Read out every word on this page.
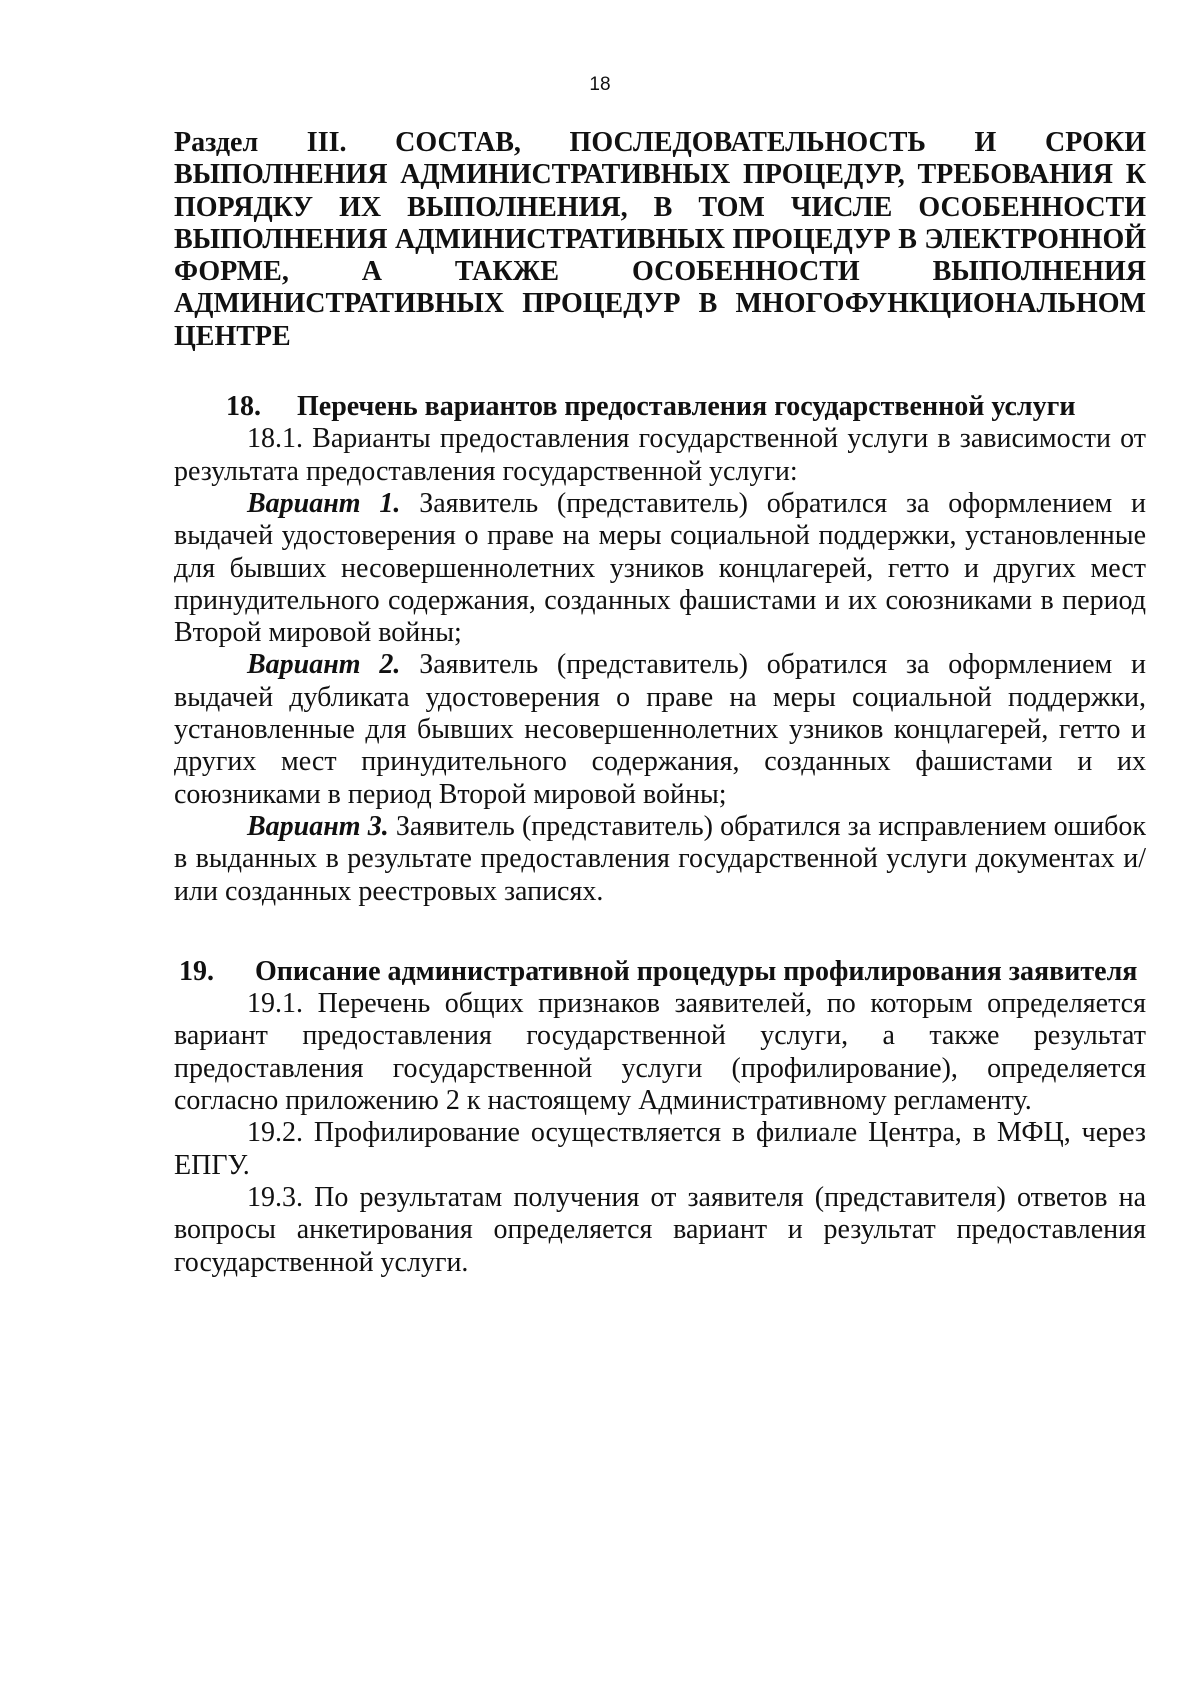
18

Раздел III. СОСТАВ, ПОСЛЕДОВАТЕЛЬНОСТЬ И СРОКИ ВЫПОЛНЕНИЯ АДМИНИСТРАТИВНЫХ ПРОЦЕДУР, ТРЕБОВАНИЯ К ПОРЯДКУ ИХ ВЫПОЛНЕНИЯ, В ТОМ ЧИСЛЕ ОСОБЕННОСТИ ВЫПОЛНЕНИЯ АДМИНИСТРАТИВНЫХ ПРОЦЕДУР В ЭЛЕКТРОННОЙ ФОРМЕ, А ТАКЖЕ ОСОБЕННОСТИ ВЫПОЛНЕНИЯ АДМИНИСТРАТИВНЫХ ПРОЦЕДУР В МНОГОФУНКЦИОНАЛЬНОМ ЦЕНТРЕ

18.	Перечень вариантов предоставления государственной услуги

18.1. Варианты предоставления государственной услуги в зависимости от результата предоставления государственной услуги:

Вариант 1. Заявитель (представитель) обратился за оформлением и выдачей удостоверения о праве на меры социальной поддержки, установленные для бывших несовершеннолетних узников концлагерей, гетто и других мест принудительного содержания, созданных фашистами и их союзниками в период Второй мировой войны;

Вариант 2. Заявитель (представитель) обратился за оформлением и выдачей дубликата удостоверения о праве на меры социальной поддержки, установленные для бывших несовершеннолетних узников концлагерей, гетто и других мест принудительного содержания, созданных фашистами и их союзниками в период Второй мировой войны;

Вариант 3. Заявитель (представитель) обратился за исправлением ошибок в выданных в результате предоставления государственной услуги документах и/или созданных реестровых записях.

19.	Описание административной процедуры профилирования заявителя

19.1. Перечень общих признаков заявителей, по которым определяется вариант предоставления государственной услуги, а также результат предоставления государственной услуги (профилирование), определяется согласно приложению 2 к настоящему Административному регламенту.

19.2. Профилирование осуществляется в филиале Центра, в МФЦ, через ЕПГУ.

19.3. По результатам получения от заявителя (представителя) ответов на вопросы анкетирования определяется вариант и результат предоставления государственной услуги.
